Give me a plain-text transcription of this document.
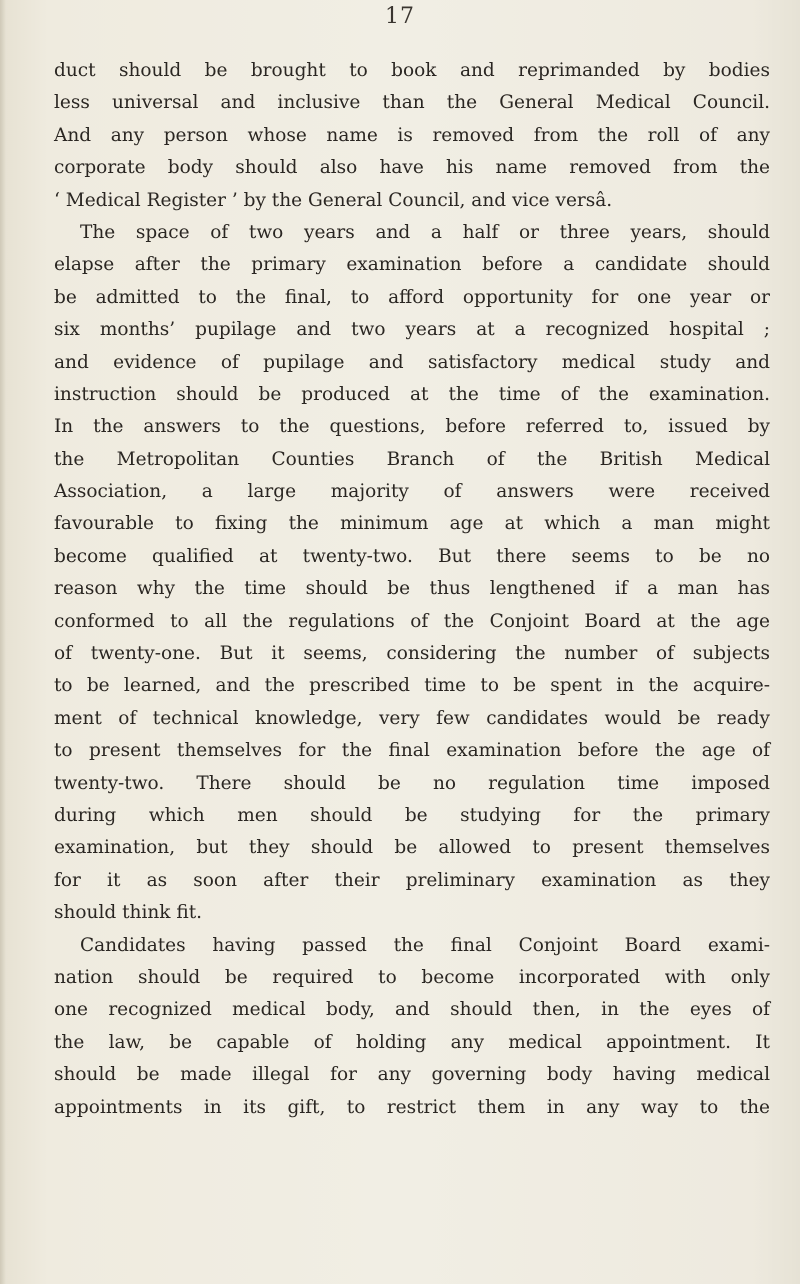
17
duct should be brought to book and reprimanded by bodies
less universal and inclusive than the General Medical Council.
And any person whose name is removed from the roll of any
corporate body should also have his name removed from the
‘ Medical Register ’ by the General Council, and vice versâ.
The space of two years and a half or three years, should
elapse after the primary examination before a candidate should
be admitted to the final, to afford opportunity for one year or
six months’ pupilage and two years at a recognized hospital ;
and evidence of pupilage and satisfactory medical study and
instruction should be produced at the time of the examination.
In the answers to the questions, before referred to, issued by
the Metropolitan Counties Branch of the British Medical
Association, a large majority of answers were received
favourable to fixing the minimum age at which a man might
become qualified at twenty-two. But there seems to be no
reason why the time should be thus lengthened if a man has
conformed to all the regulations of the Conjoint Board at the age
of twenty-one. But it seems, considering the number of subjects
to be learned, and the prescribed time to be spent in the acquire-
ment of technical knowledge, very few candidates would be ready
to present themselves for the final examination before the age of
twenty-two. There should be no regulation time imposed
during which men should be studying for the primary
examination, but they should be allowed to present themselves
for it as soon after their preliminary examination as they
should think fit.
Candidates having passed the final Conjoint Board exami-
nation should be required to become incorporated with only
one recognized medical body, and should then, in the eyes of
the law, be capable of holding any medical appointment. It
should be made illegal for any governing body having medical
appointments in its gift, to restrict them in any way to the
